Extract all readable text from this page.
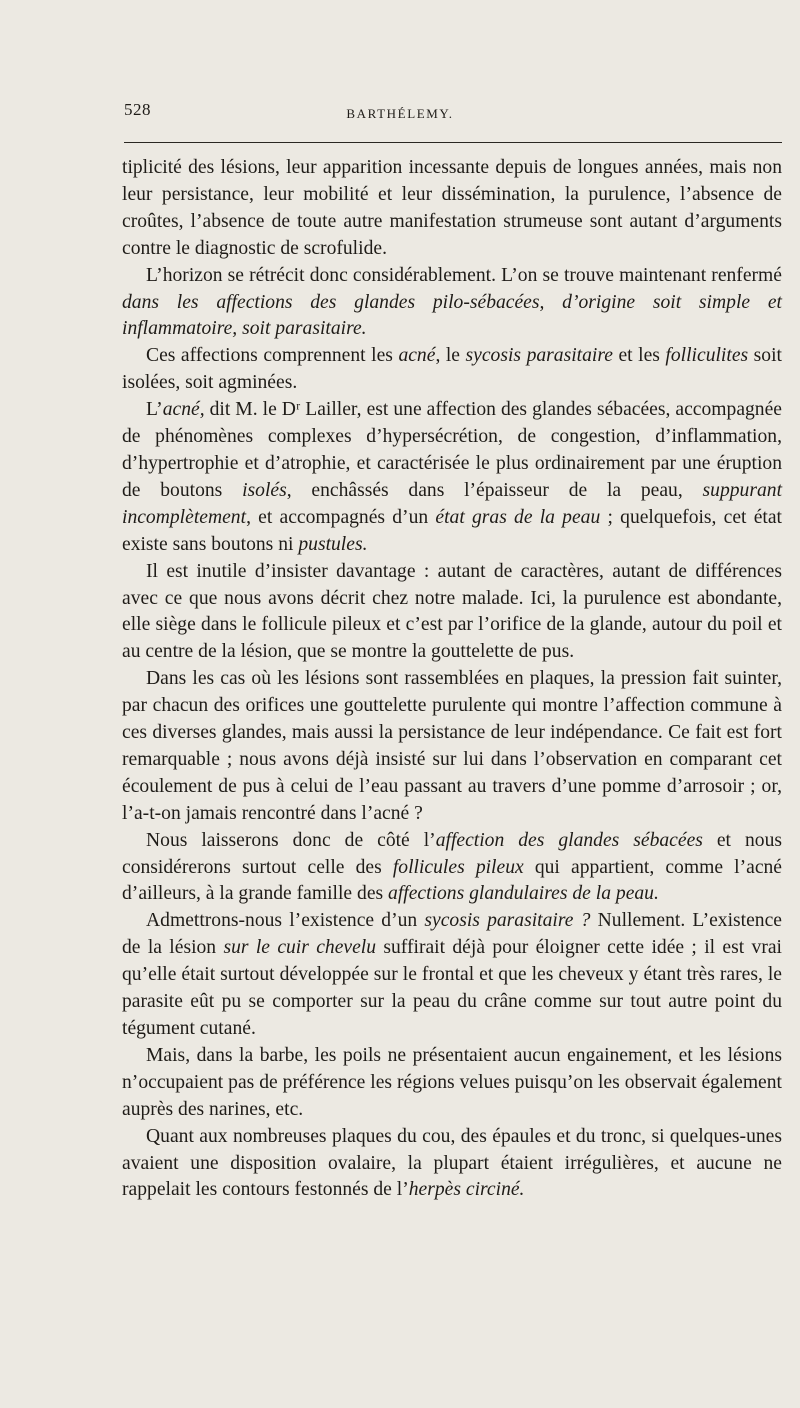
528	BARTHÉLEMY.

tiplicité des lésions, leur apparition incessante depuis de longues années, mais non leur persistance, leur mobilité et leur dissémination, la purulence, l’absence de croûtes, l’absence de toute autre manifestation strumeuse sont autant d’arguments contre le diagnostic de scrofulide.

L’horizon se rétrécit donc considérablement. L’on se trouve maintenant renfermé dans les affections des glandes pilo-sébacées, d’origine soit simple et inflammatoire, soit parasitaire.

Ces affections comprennent les acné, le sycosis parasitaire et les folliculites soit isolées, soit agminées.

L’acné, dit M. le Dʳ Lailler, est une affection des glandes sébacées, accompagnée de phénomènes complexes d’hypersécrétion, de congestion, d’inflammation, d’hypertrophie et d’atrophie, et caractérisée le plus ordinairement par une éruption de boutons isolés, enchâssés dans l’épaisseur de la peau, suppurant incomplètement, et accompagnés d’un état gras de la peau ; quelquefois, cet état existe sans boutons ni pustules.

Il est inutile d’insister davantage : autant de caractères, autant de différences avec ce que nous avons décrit chez notre malade. Ici, la purulence est abondante, elle siège dans le follicule pileux et c’est par l’orifice de la glande, autour du poil et au centre de la lésion, que se montre la gouttelette de pus.

Dans les cas où les lésions sont rassemblées en plaques, la pression fait suinter, par chacun des orifices une gouttelette purulente qui montre l’affection commune à ces diverses glandes, mais aussi la persistance de leur indépendance. Ce fait est fort remarquable ; nous avons déjà insisté sur lui dans l’observation en comparant cet écoulement de pus à celui de l’eau passant au travers d’une pomme d’arrosoir ; or, l’a-t-on jamais rencontré dans l’acné ?

Nous laisserons donc de côté l’affection des glandes sébacées et nous considérerons surtout celle des follicules pileux qui appartient, comme l’acné d’ailleurs, à la grande famille des affections glandulaires de la peau.

Admettrons-nous l’existence d’un sycosis parasitaire ? Nullement. L’existence de la lésion sur le cuir chevelu suffirait déjà pour éloigner cette idée ; il est vrai qu’elle était surtout développée sur le frontal et que les cheveux y étant très rares, le parasite eût pu se comporter sur la peau du crâne comme sur tout autre point du tégument cutané.

Mais, dans la barbe, les poils ne présentaient aucun engainement, et les lésions n’occupaient pas de préférence les régions velues puisqu’on les observait également auprès des narines, etc.

Quant aux nombreuses plaques du cou, des épaules et du tronc, si quelques-unes avaient une disposition ovalaire, la plupart étaient irrégulières, et aucune ne rappelait les contours festonnés de l’herpès circiné.
